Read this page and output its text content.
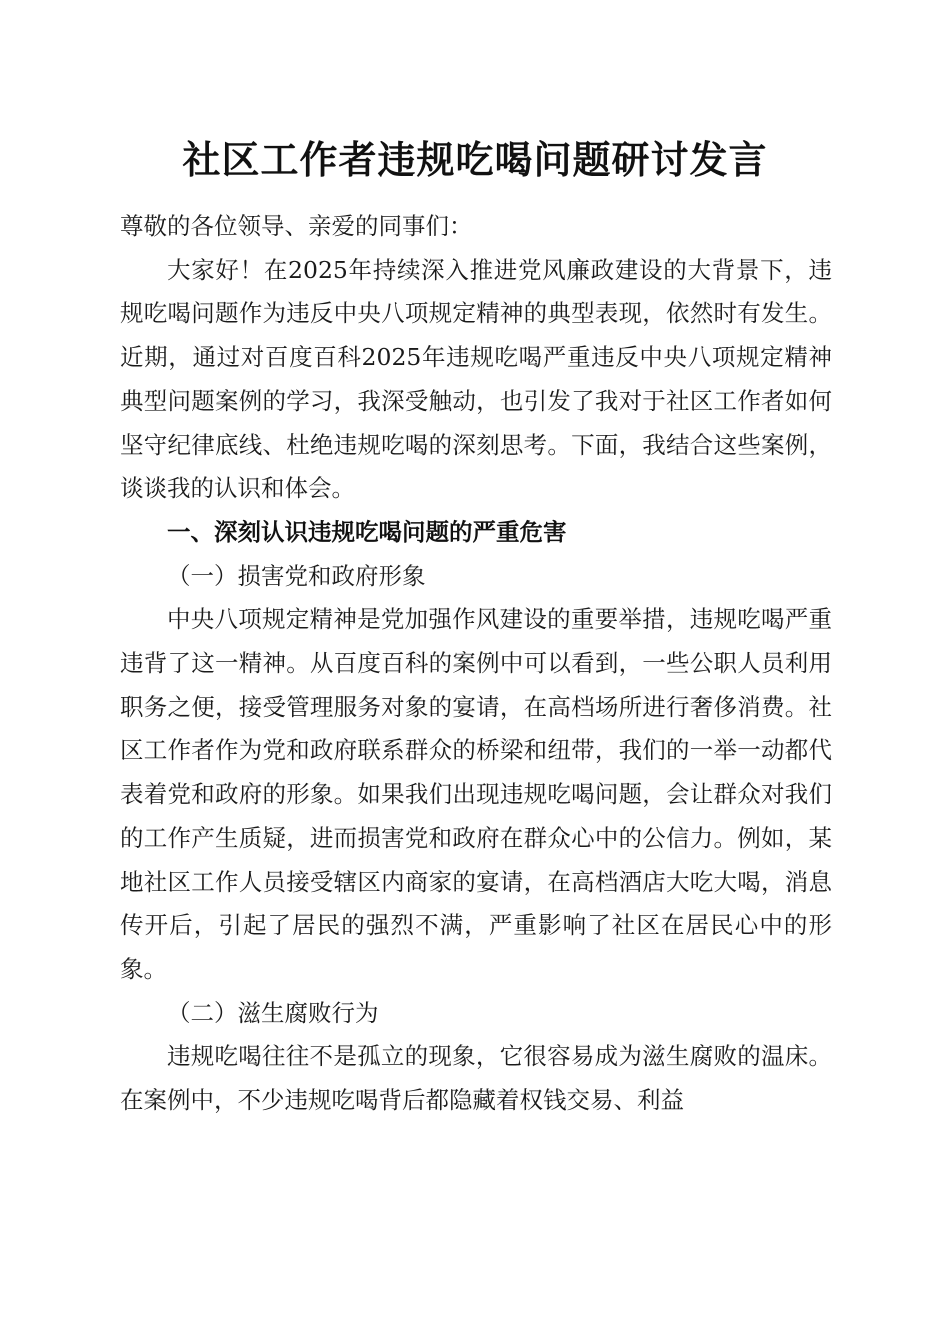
社区工作者违规吃喝问题研讨发言

尊敬的各位领导、亲爱的同事们：

大家好！在2025年持续深入推进党风廉政建设的大背景下，违规吃喝问题作为违反中央八项规定精神的典型表现，依然时有发生。近期，通过对百度百科2025年违规吃喝严重违反中央八项规定精神典型问题案例的学习，我深受触动，也引发了我对于社区工作者如何坚守纪律底线、杜绝违规吃喝的深刻思考。下面，我结合这些案例，谈谈我的认识和体会。

一、深刻认识违规吃喝问题的严重危害

（一）损害党和政府形象

中央八项规定精神是党加强作风建设的重要举措，违规吃喝严重违背了这一精神。从百度百科的案例中可以看到，一些公职人员利用职务之便，接受管理服务对象的宴请，在高档场所进行奢侈消费。社区工作者作为党和政府联系群众的桥梁和纽带，我们的一举一动都代表着党和政府的形象。如果我们出现违规吃喝问题，会让群众对我们的工作产生质疑，进而损害党和政府在群众心中的公信力。例如，某地社区工作人员接受辖区内商家的宴请，在高档酒店大吃大喝，消息传开后，引起了居民的强烈不满，严重影响了社区在居民心中的形象。

（二）滋生腐败行为

违规吃喝往往不是孤立的现象，它很容易成为滋生腐败的温床。在案例中，不少违规吃喝背后都隐藏着权钱交易、利益
